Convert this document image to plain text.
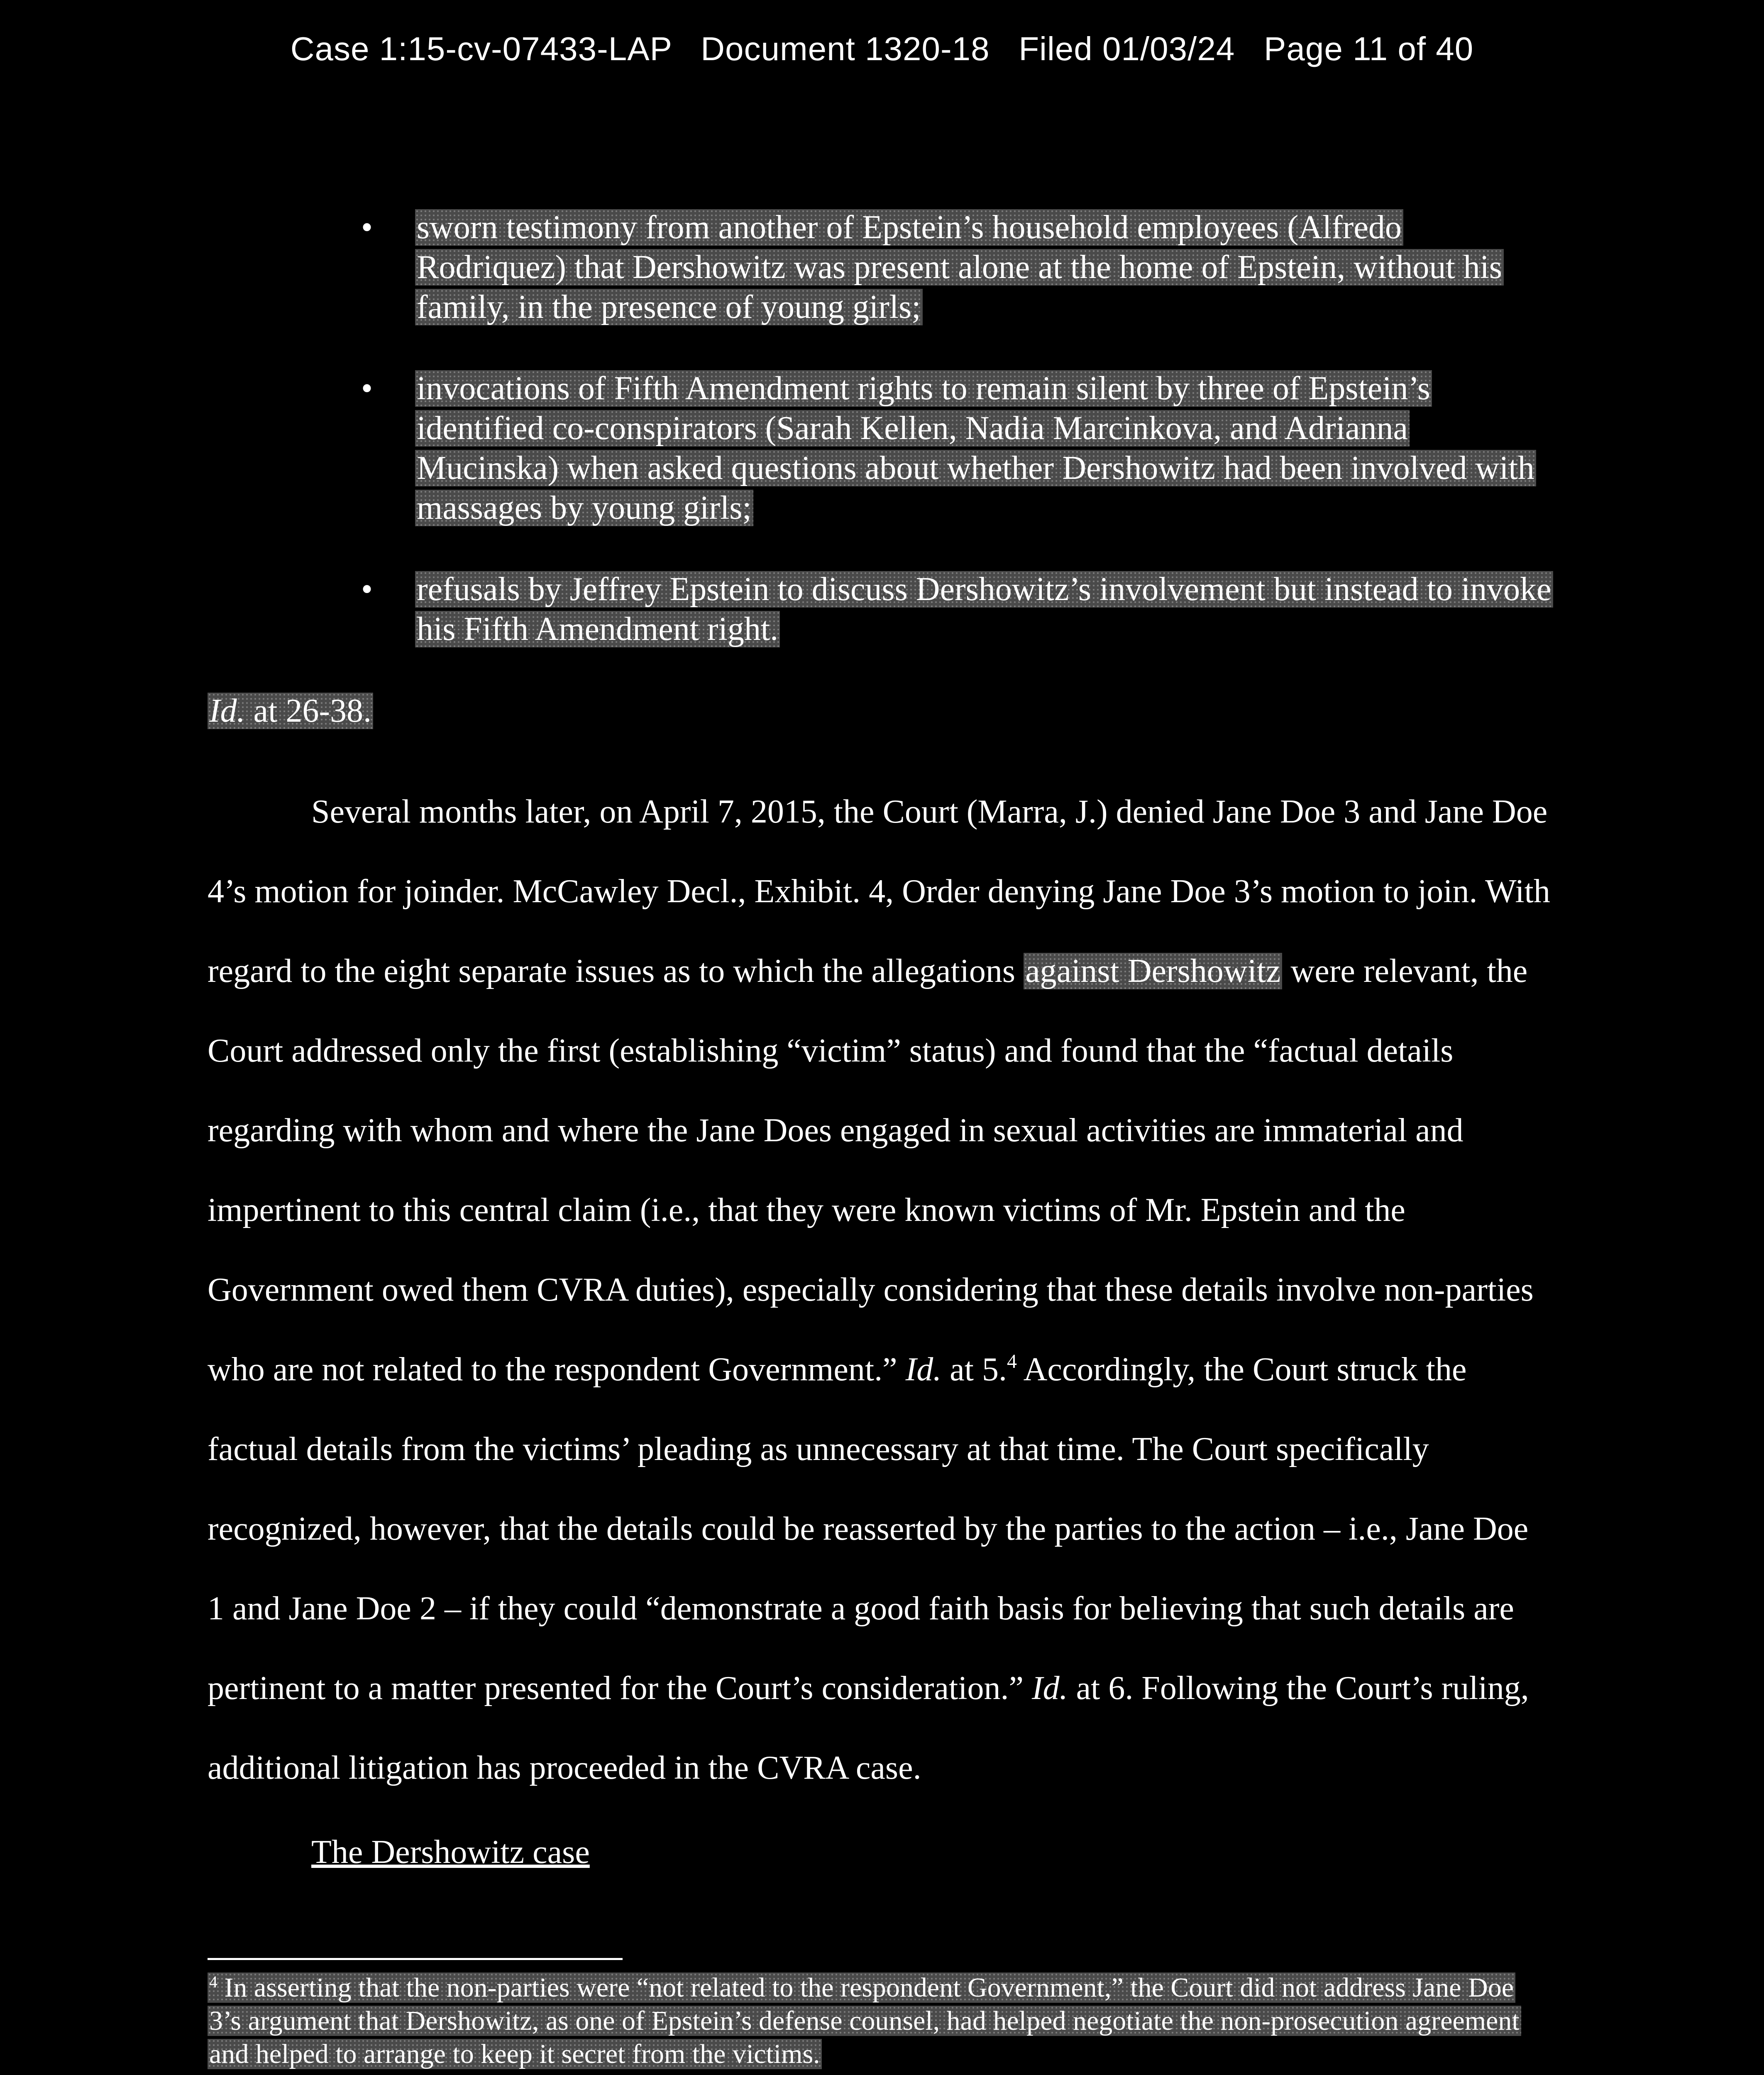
Case 1:15-cv-07433-LAP   Document 1320-18   Filed 01/03/24   Page 11 of 40
• sworn testimony from another of Epstein’s household employees (Alfredo Rodriquez) that Dershowitz was present alone at the home of Epstein, without his family, in the presence of young girls;
• invocations of Fifth Amendment rights to remain silent by three of Epstein’s identified co-conspirators (Sarah Kellen, Nadia Marcinkova, and Adrianna Mucinska) when asked questions about whether Dershowitz had been involved with massages by young girls;
• refusals by Jeffrey Epstein to discuss Dershowitz’s involvement but instead to invoke his Fifth Amendment right.
Id. at 26-38.

Several months later, on April 7, 2015, the Court (Marra, J.) denied Jane Doe 3 and Jane Doe 4’s motion for joinder. McCawley Decl., Exhibit. 4, Order denying Jane Doe 3’s motion to join. With regard to the eight separate issues as to which the allegations against Dershowitz were relevant, the Court addressed only the first (establishing “victim” status) and found that the “factual details regarding with whom and where the Jane Does engaged in sexual activities are immaterial and impertinent to this central claim (i.e., that they were known victims of Mr. Epstein and the Government owed them CVRA duties), especially considering that these details involve non-parties who are not related to the respondent Government.” Id. at 5.$^4$ Accordingly, the Court struck the factual details from the victims’ pleading as unnecessary at that time. The Court specifically recognized, however, that the details could be reasserted by the parties to the action – i.e., Jane Doe 1 and Jane Doe 2 – if they could “demonstrate a good faith basis for believing that such details are pertinent to a matter presented for the Court’s consideration.” Id. at 6. Following the Court’s ruling, additional litigation has proceeded in the CVRA case.

The Dershowitz case

$^4$ In asserting that the non-parties were “not related to the respondent Government,” the Court did not address Jane Doe 3’s argument that Dershowitz, as one of Epstein’s defense counsel, had helped negotiate the non-prosecution agreement and helped to arrange to keep it secret from the victims.
